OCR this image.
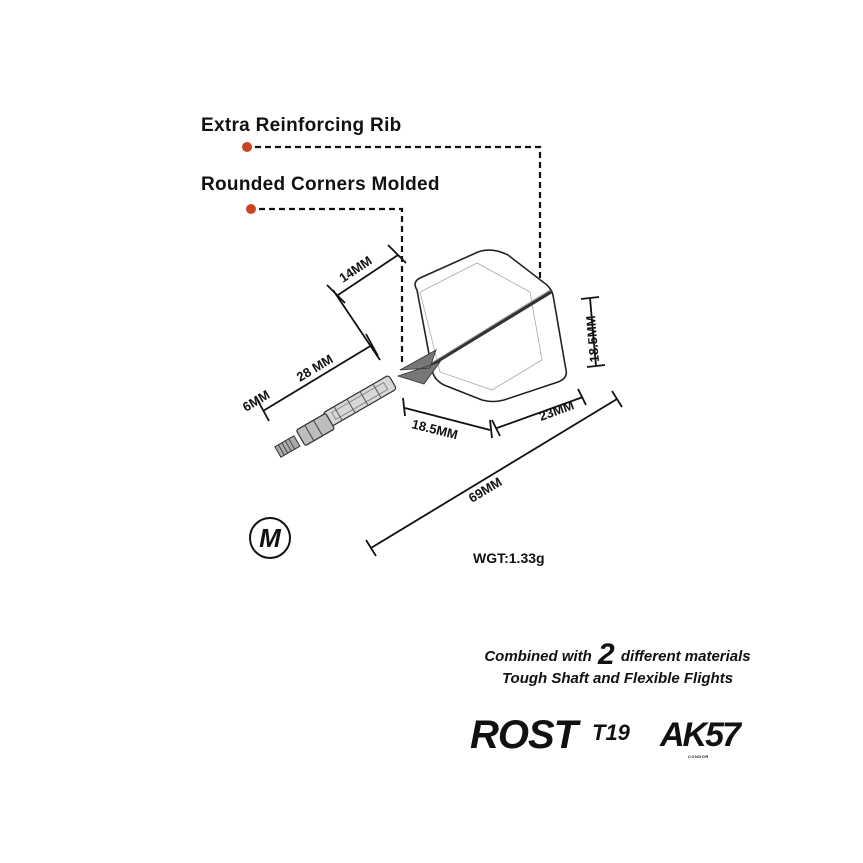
14MM
28 MM
6MM
18.5MM
23MM
18.5MM
69MM
Extra Reinforcing Rib
Rounded Corners Molded
M
WGT:1.33g
Combined with 2 different materials
Tough Shaft and Flexible Flights
ROST T19 AK57
CONDOR
